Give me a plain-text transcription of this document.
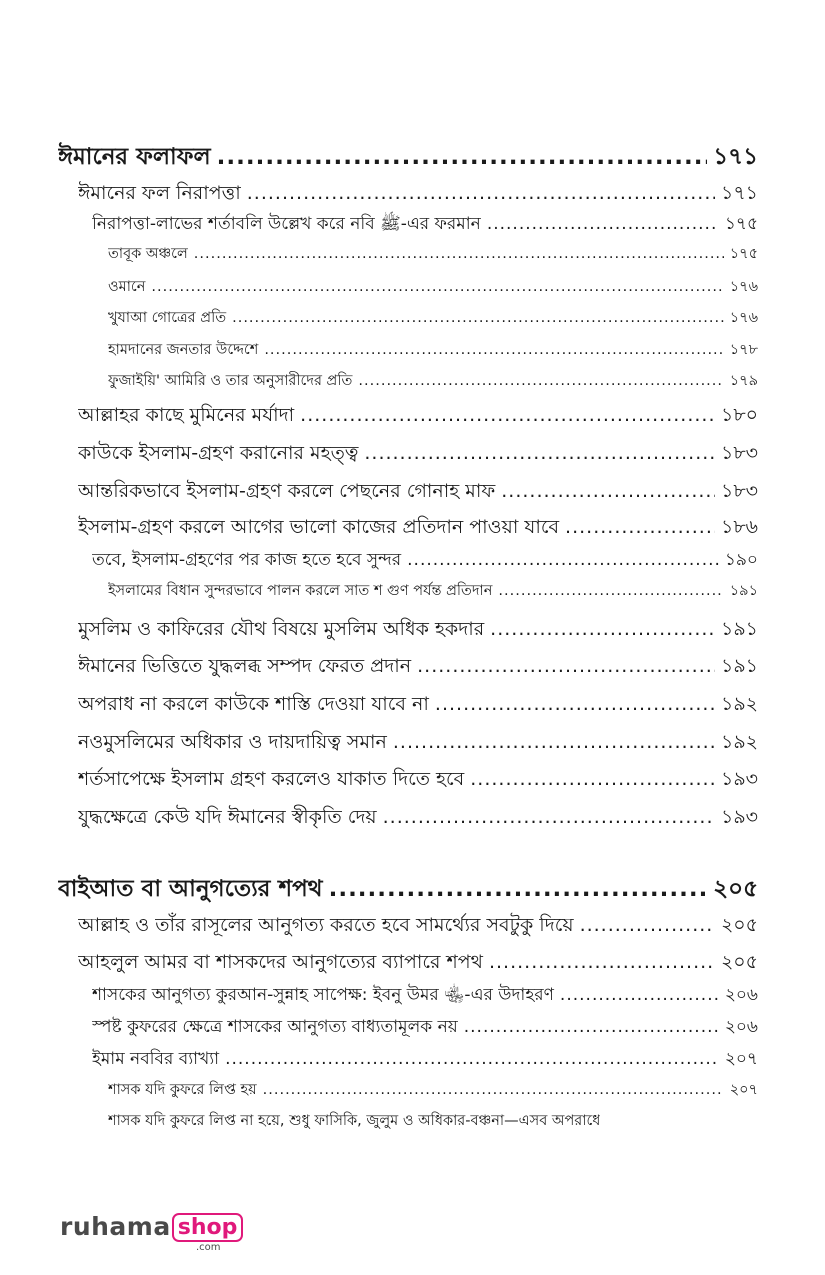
ঈমানের ফলাফল .....	১৭১
ঈমানের ফল নিরাপত্তা .....	১৭১
নিরাপত্তা-লাভের শর্তাবলি উল্লেখ করে নবি ﷺ-এর ফরমান .....	১৭৫
তাবূক অঞ্চলে .....	১৭৫
ওমানে .....	১৭৬
খুযাআ গোত্রের প্রতি .....	১৭৬
হামদানের জনতার উদ্দেশে .....	১৭৮
ফুজাইয়ি' আমিরি ও তার অনুসারীদের প্রতি .....	১৭৯
আল্লাহর কাছে মুমিনের মর্যাদা .....	১৮০
কাউকে ইসলাম-গ্রহণ করানোর মহত্ত্ব .....	১৮৩
আন্তরিকভাবে ইসলাম-গ্রহণ করলে পেছনের গোনাহ মাফ .....	১৮৩
ইসলাম-গ্রহণ করলে আগের ভালো কাজের প্রতিদান পাওয়া যাবে .....	১৮৬
তবে, ইসলাম-গ্রহণের পর কাজ হতে হবে সুন্দর .....	১৯০
ইসলামের বিধান সুন্দরভাবে পালন করলে সাত শ গুণ পর্যন্ত প্রতিদান .....	১৯১
মুসলিম ও কাফিরের যৌথ বিষয়ে মুসলিম অধিক হকদার .....	১৯১
ঈমানের ভিত্তিতে যুদ্ধলব্ধ সম্পদ ফেরত প্রদান .....	১৯১
অপরাধ না করলে কাউকে শাস্তি দেওয়া যাবে না .....	১৯২
নওমুসলিমের অধিকার ও দায়দায়িত্ব সমান .....	১৯২
শর্তসাপেক্ষে ইসলাম গ্রহণ করলেও যাকাত দিতে হবে .....	১৯৩
যুদ্ধক্ষেত্রে কেউ যদি ঈমানের স্বীকৃতি দেয় .....	১৯৩
বাইআত বা আনুগত্যের শপথ .....	২০৫
আল্লাহ ও তাঁর রাসূলের আনুগত্য করতে হবে সামর্থ্যের সবটুকু দিয়ে .....	২০৫
আহলুল আমর বা শাসকদের আনুগত্যের ব্যাপারে শপথ .....	২০৫
শাসকের আনুগত্য কুরআন-সুন্নাহ সাপেক্ষ: ইবনু উমর ﵄-এর উদাহরণ .....	২০৬
স্পষ্ট কুফরের ক্ষেত্রে শাসকের আনুগত্য বাধ্যতামূলক নয় .....	২০৬
ইমাম নববির ব্যাখ্যা .....	২০৭
শাসক যদি কুফরে লিপ্ত হয় .....	২০৭
শাসক যদি কুফরে লিপ্ত না হয়ে, শুধু ফাসিকি, জুলুম ও অধিকার-বঞ্চনা—এসব অপরাধে
ruhama shop
.com
